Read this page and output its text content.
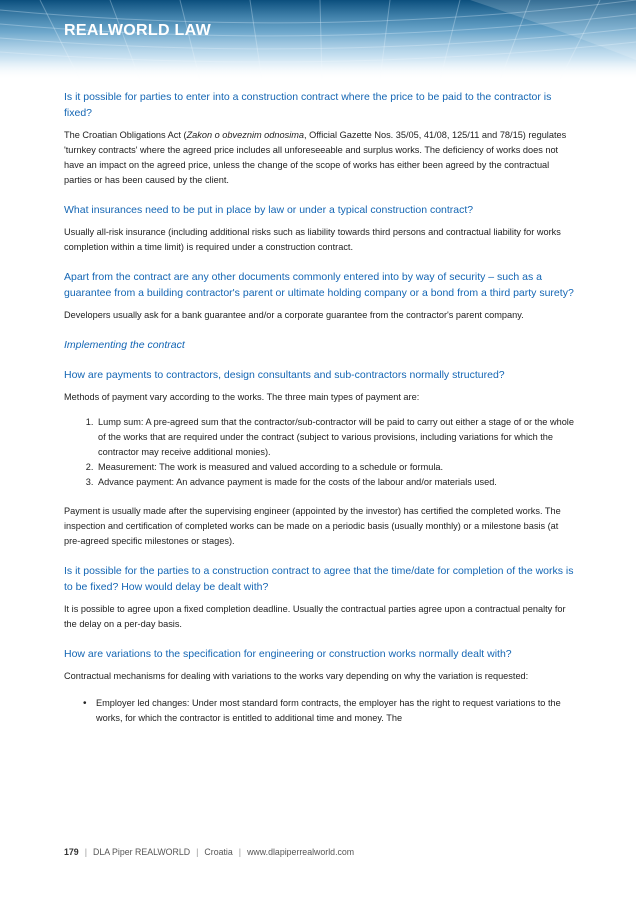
REALWORLD LAW
Is it possible for parties to enter into a construction contract where the price to be paid to the contractor is fixed?
The Croatian Obligations Act (Zakon o obveznim odnosima, Official Gazette Nos. 35/05, 41/08, 125/11 and 78/15) regulates 'turnkey contracts' where the agreed price includes all unforeseeable and surplus works. The deficiency of works does not have an impact on the agreed price, unless the change of the scope of works has either been agreed by the contractual parties or has been caused by the client.
What insurances need to be put in place by law or under a typical construction contract?
Usually all-risk insurance (including additional risks such as liability towards third persons and contractual liability for works completion within a time limit) is required under a construction contract.
Apart from the contract are any other documents commonly entered into by way of security – such as a guarantee from a building contractor's parent or ultimate holding company or a bond from a third party surety?
Developers usually ask for a bank guarantee and/or a corporate guarantee from the contractor's parent company.
Implementing the contract
How are payments to contractors, design consultants and sub-contractors normally structured?
Methods of payment vary according to the works. The three main types of payment are:
1. Lump sum: A pre-agreed sum that the contractor/sub-contractor will be paid to carry out either a stage of or the whole of the works that are required under the contract (subject to various provisions, including variations for which the contractor may receive additional monies).
2. Measurement: The work is measured and valued according to a schedule or formula.
3. Advance payment: An advance payment is made for the costs of the labour and/or materials used.
Payment is usually made after the supervising engineer (appointed by the investor) has certified the completed works. The inspection and certification of completed works can be made on a periodic basis (usually monthly) or a milestone basis (at pre-agreed specific milestones or stages).
Is it possible for the parties to a construction contract to agree that the time/date for completion of the works is to be fixed? How would delay be dealt with?
It is possible to agree upon a fixed completion deadline. Usually the contractual parties agree upon a contractual penalty for the delay on a per-day basis.
How are variations to the specification for engineering or construction works normally dealt with?
Contractual mechanisms for dealing with variations to the works vary depending on why the variation is requested:
• Employer led changes: Under most standard form contracts, the employer has the right to request variations to the works, for which the contractor is entitled to additional time and money. The
179 | DLA Piper REALWORLD | Croatia | www.dlapiperrealworld.com
